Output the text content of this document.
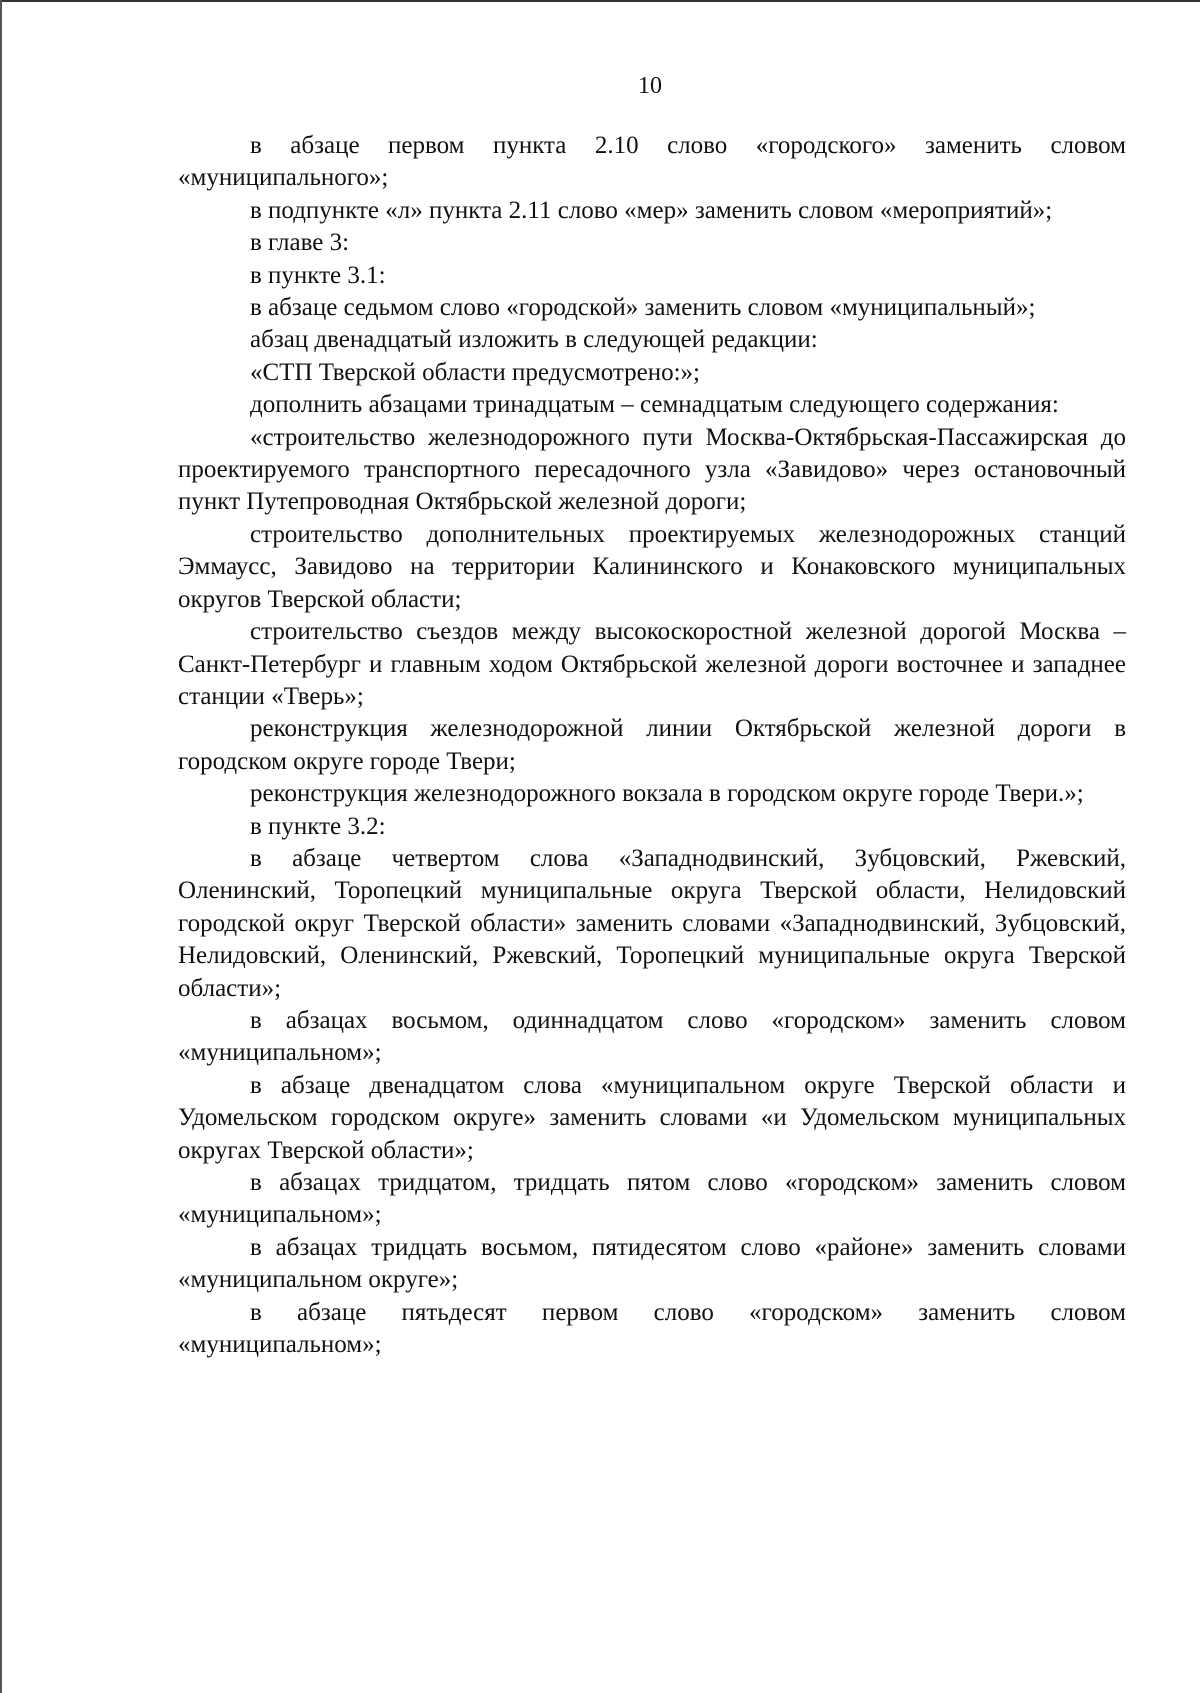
10

в абзаце первом пункта 2.10 слово «городского» заменить словом «муниципального»;

в подпункте «л» пункта 2.11 слово «мер» заменить словом «мероприятий»;

в главе 3:

в пункте 3.1:

в абзаце седьмом слово «городской» заменить словом «муниципальный»;

абзац двенадцатый изложить в следующей редакции:

«СТП Тверской области предусмотрено:»;

дополнить абзацами тринадцатым – семнадцатым следующего содержания:

«строительство железнодорожного пути Москва-Октябрьская-Пассажирская до проектируемого транспортного пересадочного узла «Завидово» через остановочный пункт Путепроводная Октябрьской железной дороги;

строительство дополнительных проектируемых железнодорожных станций Эммаусс, Завидово на территории Калининского и Конаковского муниципальных округов Тверской области;

строительство съездов между высокоскоростной железной дорогой Москва – Санкт-Петербург и главным ходом Октябрьской железной дороги восточнее и западнее станции «Тверь»;

реконструкция железнодорожной линии Октябрьской железной дороги в городском округе городе Твери;

реконструкция железнодорожного вокзала в городском округе городе Твери.»;

в пункте 3.2:

в абзаце четвертом слова «Западнодвинский, Зубцовский, Ржевский, Оленинский, Торопецкий муниципальные округа Тверской области, Нелидовский городской округ Тверской области» заменить словами «Западнодвинский, Зубцовский, Нелидовский, Оленинский, Ржевский, Торопецкий муниципальные округа Тверской области»;

в абзацах восьмом, одиннадцатом слово «городском» заменить словом «муниципальном»;

в абзаце двенадцатом слова «муниципальном округе Тверской области и Удомельском городском округе» заменить словами «и Удомельском муниципальных округах Тверской области»;

в абзацах тридцатом, тридцать пятом слово «городском» заменить словом «муниципальном»;

в абзацах тридцать восьмом, пятидесятом слово «районе» заменить словами «муниципальном округе»;

в абзаце пятьдесят первом слово «городском» заменить словом «муниципальном»;
